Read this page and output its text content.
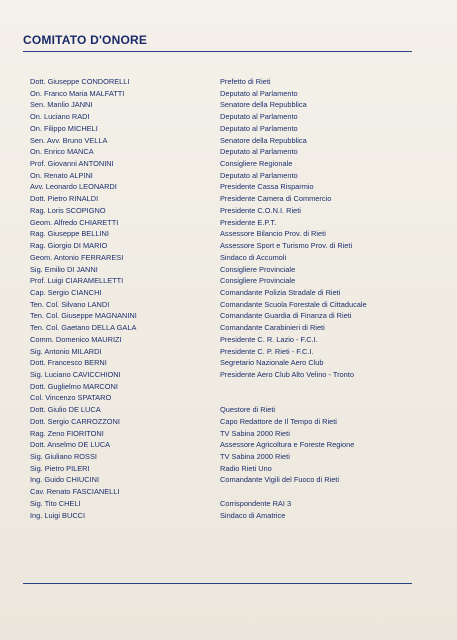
COMITATO D'ONORE
Dott. Giuseppe CONDORELLI	Prefetto di Rieti
On. Franco Maria MALFATTI	Deputato al Parlamento
Sen. Manlio JANNI	Senatore della Repubblica
On. Luciano RADI	Deputato al Parlamento
On. Filippo MICHELI	Deputato al Parlamento
Sen. Avv. Bruno VELLA	Senatore della Repubblica
On. Enrico MANCA	Deputato al Parlamento
Prof. Giovanni ANTONINI	Consigliere Regionale
On. Renato ALPINI	Deputato al Parlamento
Avv. Leonardo LEONARDI	Presidente Cassa Risparmio
Dott. Pietro RINALDI	Presidente Camera di Commercio
Rag. Loris SCOPIGNO	Presidente C.O.N.I. Rieti
Geom. Alfredo CHIARETTI	Presidente E.P.T.
Rag. Giuseppe BELLINI	Assessore Bilancio Prov. di Rieti
Rag. Giorgio DI MARIO	Assessore Sport e Turismo Prov. di Rieti
Geom. Antonio FERRARESI	Sindaco di Accumoli
Sig. Emilio DI JANNI	Consigliere Provinciale
Prof. Luigi CIARAMELLETTI	Consigliere Provinciale
Cap. Sergio CIANCHI	Comandante Polizia Stradale di Rieti
Ten. Col. Silvano LANDI	Comandante Scuola Forestale di Cittaducale
Ten. Col. Giuseppe MAGNANINI	Comandante Guardia di Finanza di Rieti
Ten. Col. Gaetano DELLA GALA	Comandante Carabinieri di Rieti
Comm. Domenico MAURIZI	Presidente C. R. Lazio - F.C.I.
Sig. Antonio MILARDI	Presidente C. P. Rieti - F.C.I.
Dott. Francesco BERNI	Segretario Nazionale Aero Club
Sig. Luciano CAVICCHIONI	Presidente Aero Club Alto Velino - Tronto
Dott. Guglielmo MARCONI
Col. Vincenzo SPATARO
Dott. Giulio DE LUCA	Questore di Rieti
Dott. Sergio CARROZZONI	Capo Redattore de Il Tempo di Rieti
Rag. Zeno FIORITONI	TV Sabina 2000 Rieti
Dott. Anselmo DE LUCA	Assessore Agricoltura e Foreste Regione
Sig. Giuliano ROSSI	TV Sabina 2000 Rieti
Sig. Pietro PILERI	Radio Rieti Uno
Ing. Guido CHIUCINI	Comandante Vigili del Fuoco di Rieti
Cav. Renato FASCIANELLI
Sig. Tito CHELI	Corrispondente RAI 3
Ing. Luigi BUCCI	Sindaco di Amatrice
